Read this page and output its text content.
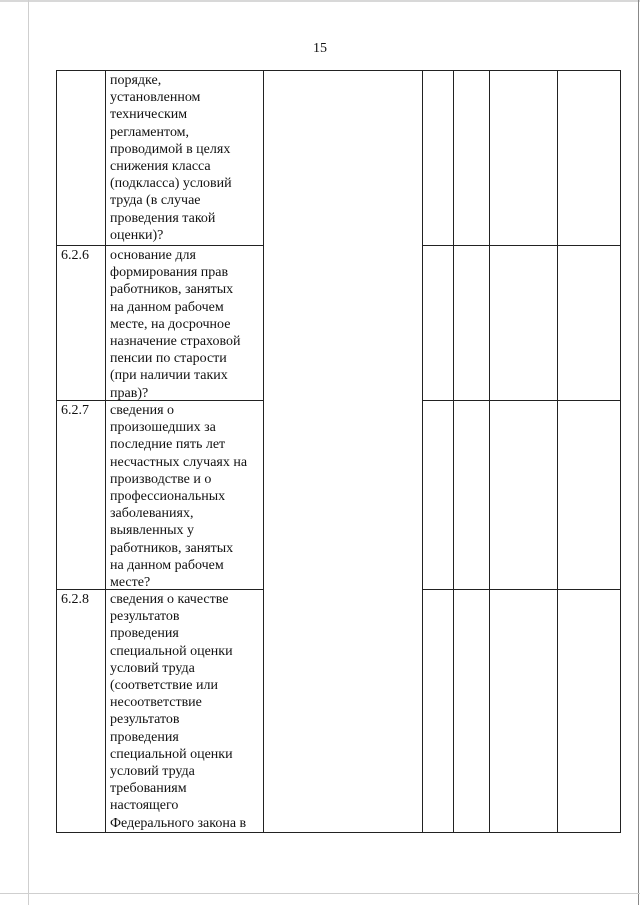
15
порядке,
установленном
техническим
регламентом,
проводимой в целях
снижения класса
(подкласса) условий
труда (в случае
проведения такой
оценки)?
6.2.6 основание для
формирования прав
работников, занятых
на данном рабочем
месте, на досрочное
назначение страховой
пенсии по старости
(при наличии таких
прав)?
6.2.7 сведения о
произошедших за
последние пять лет
несчастных случаях на
производстве и о
профессиональных
заболеваниях,
выявленных у
работников, занятых
на данном рабочем
месте?
6.2.8 сведения о качестве
результатов
проведения
специальной оценки
условий труда
(соответствие или
несоответствие
результатов
проведения
специальной оценки
условий труда
требованиям
настоящего
Федерального закона в
